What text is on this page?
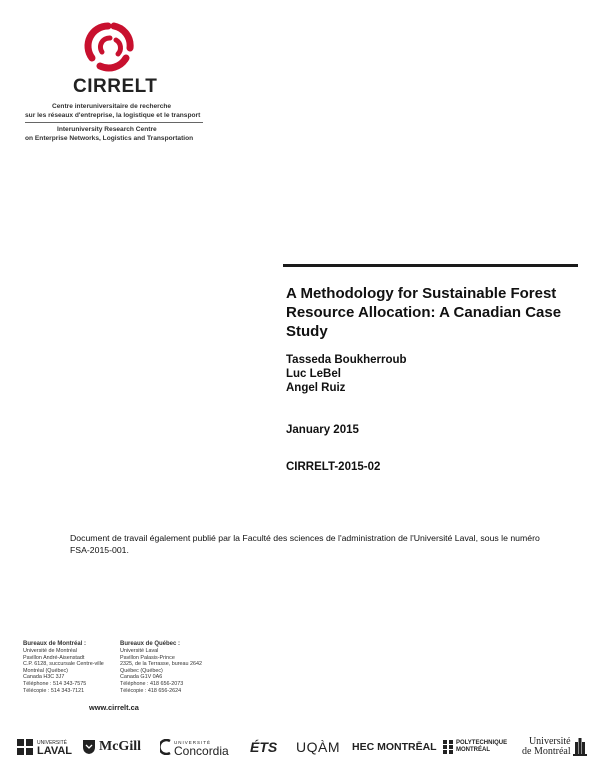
CIRRELT
Centre interuniversitaire de recherche
sur les réseaux d'entreprise, la logistique et le transport
Interuniversity Research Centre
on Enterprise Networks, Logistics and Transportation
A Methodology for Sustainable Forest Resource Allocation: A Canadian Case Study
Tasseda Boukherroub
Luc LeBel
Angel Ruiz
January 2015
CIRRELT-2015-02
Document de travail également publié par la Faculté des sciences de l'administration de l'Université Laval, sous le numéro FSA-2015-001.
Bureaux de Montréal :
Université de Montréal
Pavillon André-Aisenstadt
C.P. 6128, succursale Centre-ville
Montréal (Québec)
Canada H3C 3J7
Téléphone : 514 343-7575
Télécopie : 514 343-7121
Bureaux de Québec :
Université Laval
Pavillon Palasis-Prince
2325, de la Terrasse, bureau 2642
Québec (Québec)
Canada G1V 0A6
Téléphone : 418 656-2073
Télécopie : 418 656-2624
www.cirrelt.ca
UNIVERSITÉ
LAVAL McGill	UNIVERSITÉ
Concordia ÉTS UQÀM HEC MONTRĒAL	POLYTECHNIQUE
MONTRÉAL
Université
de Montréal
